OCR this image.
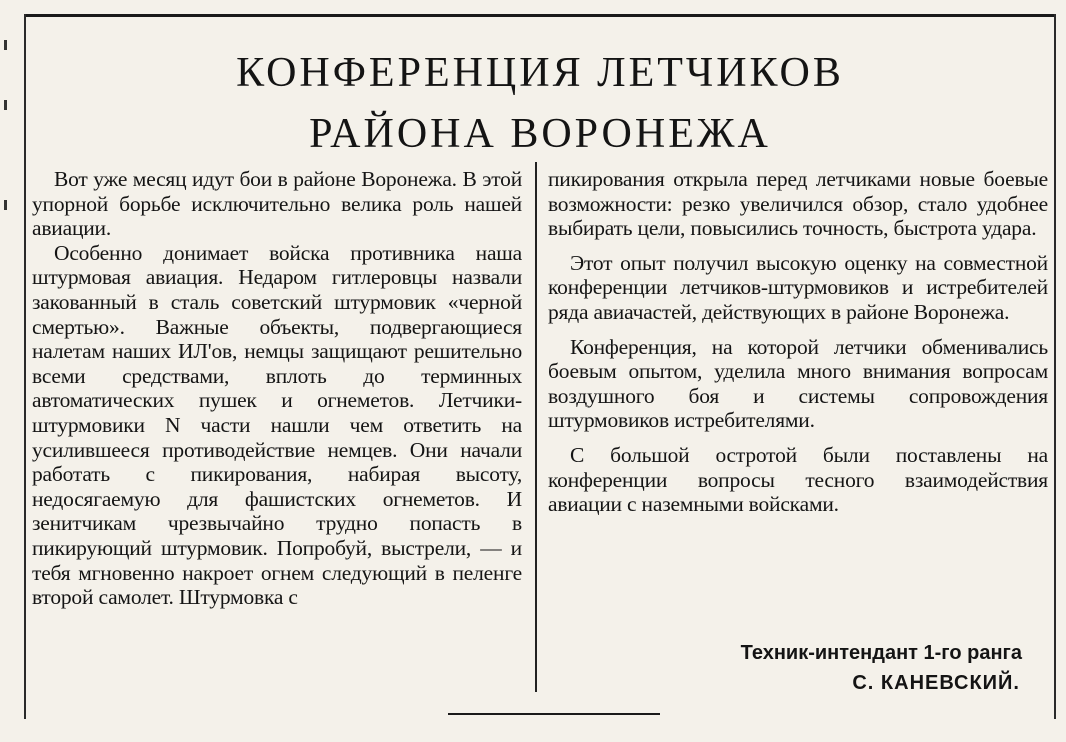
КОНФЕРЕНЦИЯ ЛЕТЧИКОВ
РАЙОНА ВОРОНЕЖА

Вот уже месяц идут бои в районе Воронежа. В этой упорной борьбе исключительно велика роль нашей авиации.

Особенно донимает войска противника наша штурмовая авиация. Недаром гитлеровцы назвали закованный в сталь советский штурмовик «черной смертью». Важные объекты, подвергающиеся налетам наших ИЛ'ов, немцы защищают решительно всеми средствами, вплоть до терминных автоматических пушек и огнеметов. Летчики-штурмовики N части нашли чем ответить на усилившееся противодействие немцев. Они начали работать с пикирования, набирая высоту, недосягаемую для фашистских огнеметов. И зенитчикам чрезвычайно трудно попасть в пикирующий штурмовик. Попробуй, выстрели, — и тебя мгновенно накроет огнем следующий в пеленге второй самолет. Штурмовка с

пикирования открыла перед летчиками новые боевые возможности: резко увеличился обзор, стало удобнее выбирать цели, повысились точность, быстрота удара.

Этот опыт получил высокую оценку на совместной конференции летчиков-штурмовиков и истребителей ряда авиачастей, действующих в районе Воронежа.

Конференция, на которой летчики обменивались боевым опытом, уделила много внимания вопросам воздушного боя и системы сопровождения штурмовиков истребителями.

С большой остротой были поставлены на конференции вопросы тесного взаимодействия авиации с наземными войсками.

Техник-интендант 1-го ранга
С. КАНЕВСКИЙ.
